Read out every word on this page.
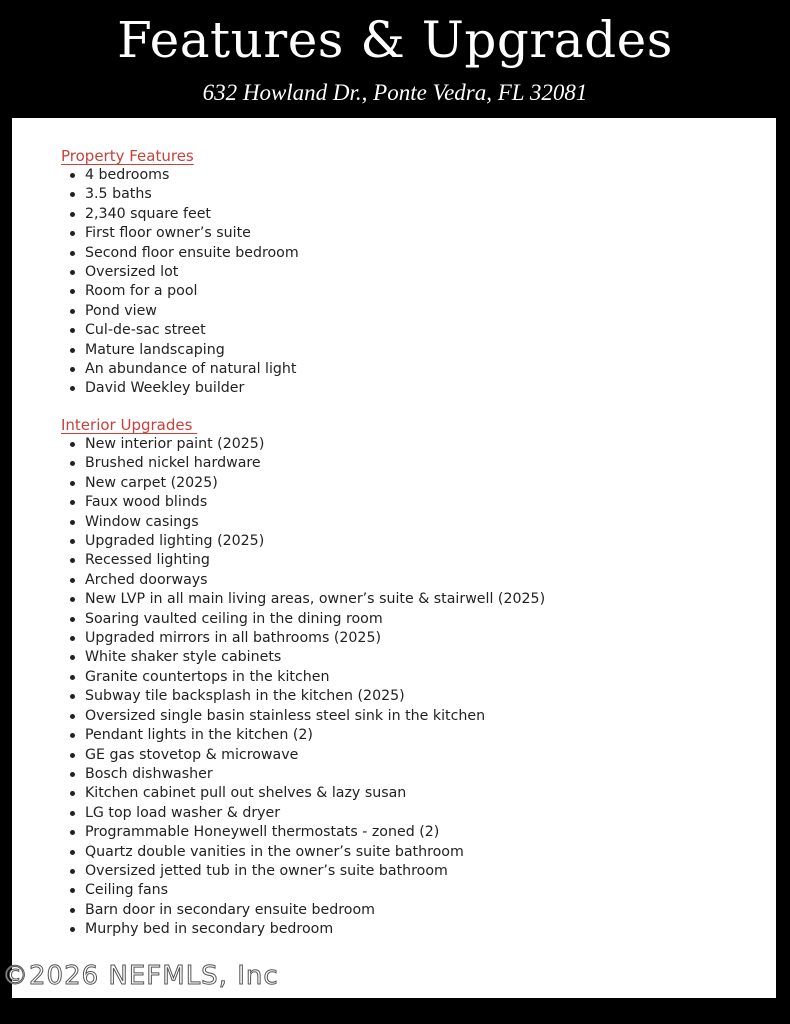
Features & Upgrades
632 Howland Dr., Ponte Vedra, FL 32081
Property Features
4 bedrooms
3.5 baths
2,340 square feet
First floor owner’s suite
Second floor ensuite bedroom
Oversized lot
Room for a pool
Pond view
Cul-de-sac street
Mature landscaping
An abundance of natural light
David Weekley builder
Interior Upgrades
New interior paint (2025)
Brushed nickel hardware
New carpet (2025)
Faux wood blinds
Window casings
Upgraded lighting (2025)
Recessed lighting
Arched doorways
New LVP in all main living areas, owner’s suite & stairwell (2025)
Soaring vaulted ceiling in the dining room
Upgraded mirrors in all bathrooms (2025)
White shaker style cabinets
Granite countertops in the kitchen
Subway tile backsplash in the kitchen (2025)
Oversized single basin stainless steel sink in the kitchen
Pendant lights in the kitchen (2)
GE gas stovetop & microwave
Bosch dishwasher
Kitchen cabinet pull out shelves & lazy susan
LG top load washer & dryer
Programmable Honeywell thermostats - zoned (2)
Quartz double vanities in the owner’s suite bathroom
Oversized jetted tub in the owner’s suite bathroom
Ceiling fans
Barn door in secondary ensuite bedroom
Murphy bed in secondary bedroom
©2026 NEFMLS, Inc
